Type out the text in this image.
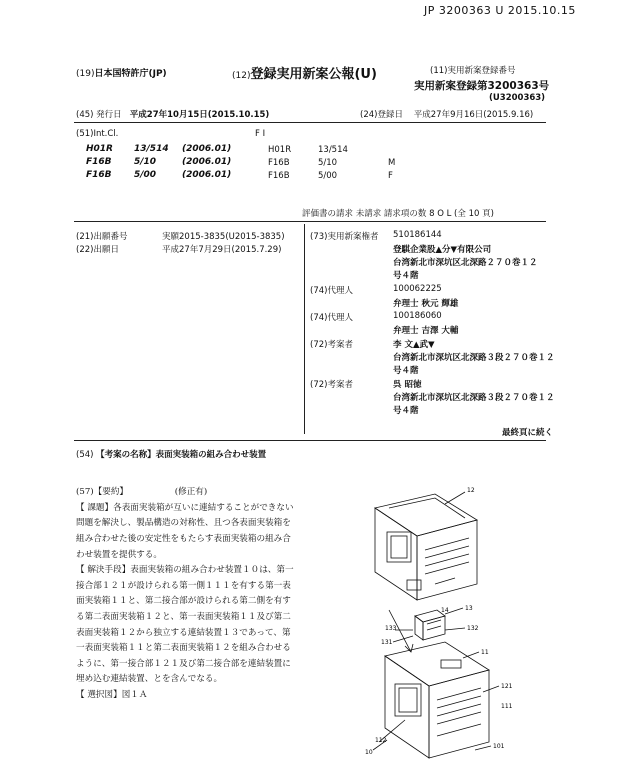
JP 3200363 U 2015.10.15
(19)日本国特許庁(JP)	(12)登録実用新案公報(U)	(11)実用新案登録番号
実用新案登録第3200363号
(U3200363)
(45) 発行日 平成27年10月15日(2015.10.15)	(24)登録日 平成27年9月16日(2015.9.16)
(51)Int.Cl.	F I
H01R 13/514 (2006.01)	H01R	13/514
F16B 5/10	(2006.01)	F16B	5/10	M
F16B 5/00	(2006.01)	F16B	5/00	F
評価書の請求 未請求 請求項の数 8 O L (全 10 頁)
(21)出願番号	実願2015-3835(U2015-3835)
(22)出願日	平成27年7月29日(2015.7.29)
(73)実用新案権者 510186144
登騏企業股▲分▼有限公司
台湾新北市深坑区北深路２７０巻１２
号４階
(74)代理人	100062225
弁理士 秋元 輝雄
(74)代理人	100186060
弁理士 吉澤 大輔
(72)考案者	李 文▲武▼
台湾新北市深坑区北深路３段２７０巻１２
号４階
(72)考案者	呉 昭徳
台湾新北市深坑区北深路３段２７０巻１２
号４階
最終頁に続く
(54) 【考案の名称】表面実装箱の組み合わせ装置
(57)【要約】	(修正有)
【 課題】各表面実装箱が互いに連結することができない
問題を解決し、製品構造の対称性、且つ各表面実装箱を
組み合わせた後の安定性をもたらす表面実装箱の組み合
わせ装置を提供する。
【 解決手段】表面実装箱の組み合わせ装置１０は、第一
接合部１２１が設けられる第一側１１１を有する第一表
面実装箱１１と、第二接合部が設けられる第二側を有す
る第二表面実装箱１２と、第一表面実装箱１１及び第二
表面実装箱１２から独立する連結装置１３であって、第
一表面実装箱１１と第二表面実装箱１２を組み合わせる
ように、第一接合部１２１及び第二接合部を連結装置に
埋め込む連結装置、とを含んでなる。
【 選択図】図１Ａ
12
13
133	132
131
11
121
111
14
10
101
112
